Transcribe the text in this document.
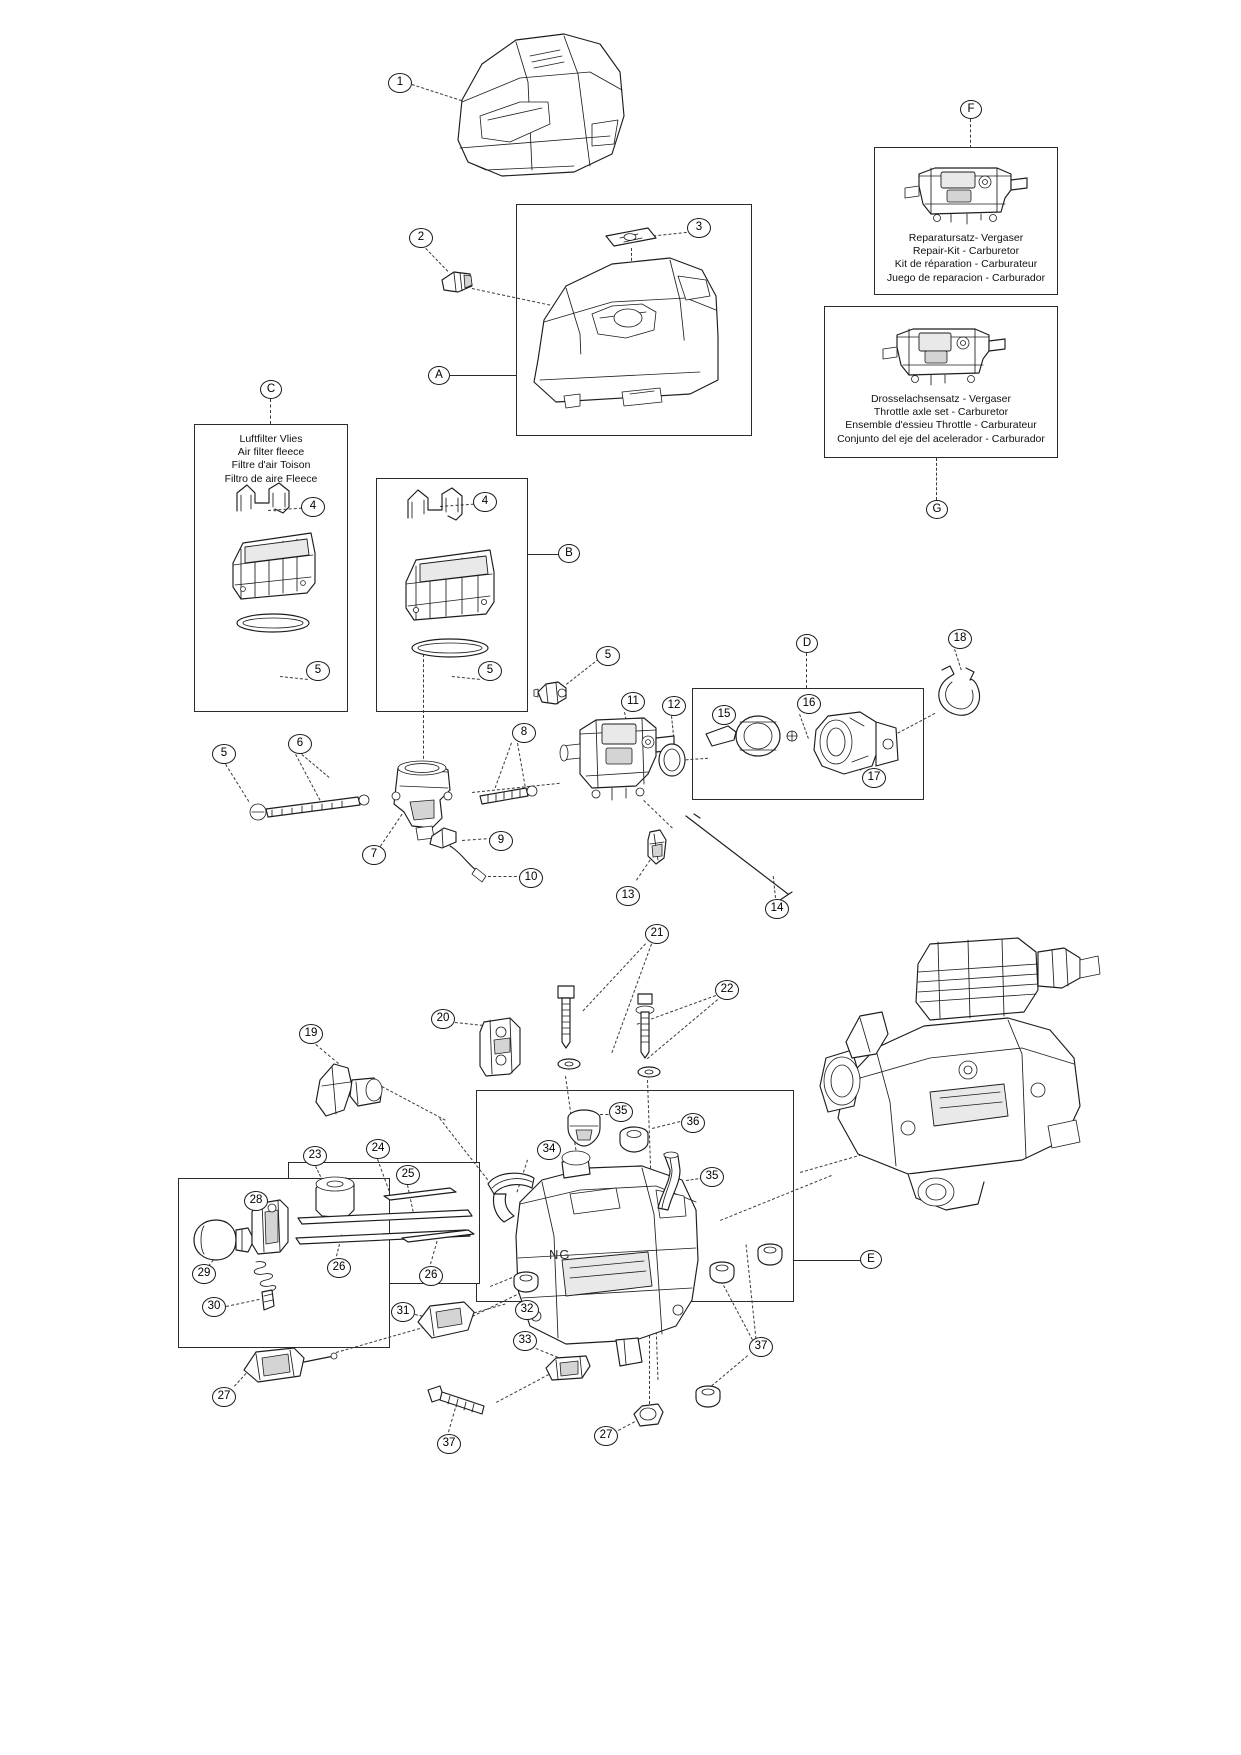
Reparatursatz- Vergaser
Repair-Kit - Carburetor
Kit de réparation - Carburateur
Juego de reparacion - Carburador
F
Drosselachsensatz - Vergaser
Throttle axle set - Carburetor
Ensemble d'essieu Throttle - Carburateur
Conjunto del eje del acelerador - Carburador
G
Luftfilter Vlies
Air filter fleece
Filtre d'air Toison
Filtro de aire Fleece
C
A
1
2
3
B
4	4
5	5
D
15
16
17
18
11 12
5
13
14
7
5
6
8
9
10
NG	E
35
36
21
22
19
20
34
35
23
24
25
26
26
29
28
30
27
31	32
33
27
37
37
